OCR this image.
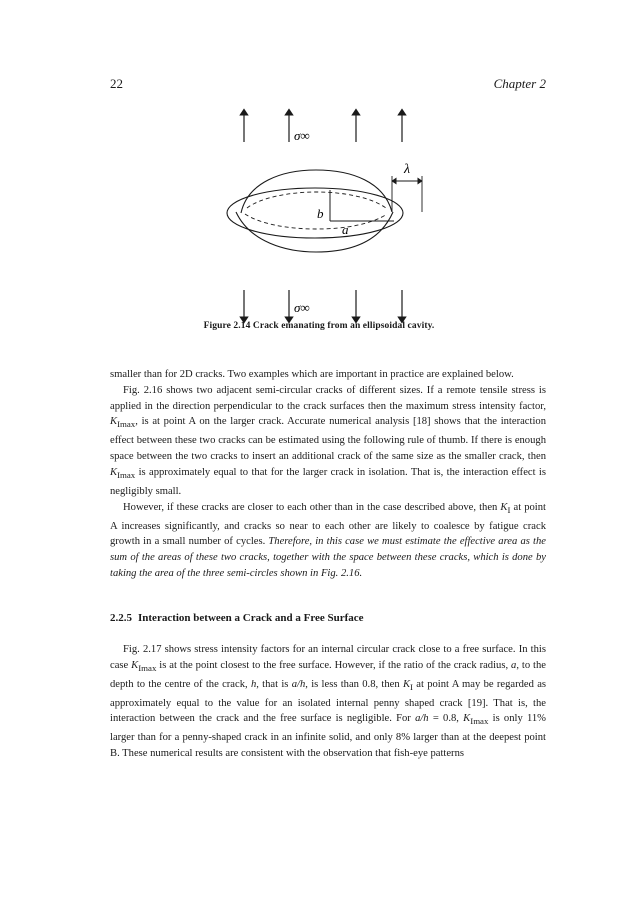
22	Chapter 2
σ∞
b
a
λ
σ∞
Figure 2.14 Crack emanating from an ellipsoidal cavity.

smaller than for 2D cracks. Two examples which are important in practice are explained below.

Fig. 2.16 shows two adjacent semi-circular cracks of different sizes. If a remote tensile stress is applied in the direction perpendicular to the crack surfaces then the maximum stress intensity factor, $K_{Imax}$, is at point A on the larger crack. Accurate numerical analysis [18] shows that the interaction effect between these two cracks can be estimated using the following rule of thumb. If there is enough space between the two cracks to insert an additional crack of the same size as the smaller crack, then $K_{Imax}$ is approximately equal to that for the larger crack in isolation. That is, the interaction effect is negligibly small.

However, if these cracks are closer to each other than in the case described above, then $K_I$ at point A increases significantly, and cracks so near to each other are likely to coalesce by fatigue crack growth in a small number of cycles. Therefore, in this case we must estimate the effective area as the sum of the areas of these two cracks, together with the space between these cracks, which is done by taking the area of the three semi-circles shown in Fig. 2.16.

2.2.5 Interaction between a Crack and a Free Surface

Fig. 2.17 shows stress intensity factors for an internal circular crack close to a free surface. In this case $K_{Imax}$ is at the point closest to the free surface. However, if the ratio of the crack radius, a, to the depth to the centre of the crack, h, that is a/h, is less than 0.8, then $K_I$ at point A may be regarded as approximately equal to the value for an isolated internal penny shaped crack [19]. That is, the interaction between the crack and the free surface is negligible. For a/h = 0.8, $K_{Imax}$ is only 11% larger than for a penny-shaped crack in an infinite solid, and only 8% larger than at the deepest point B. These numerical results are consistent with the observation that fish-eye patterns
